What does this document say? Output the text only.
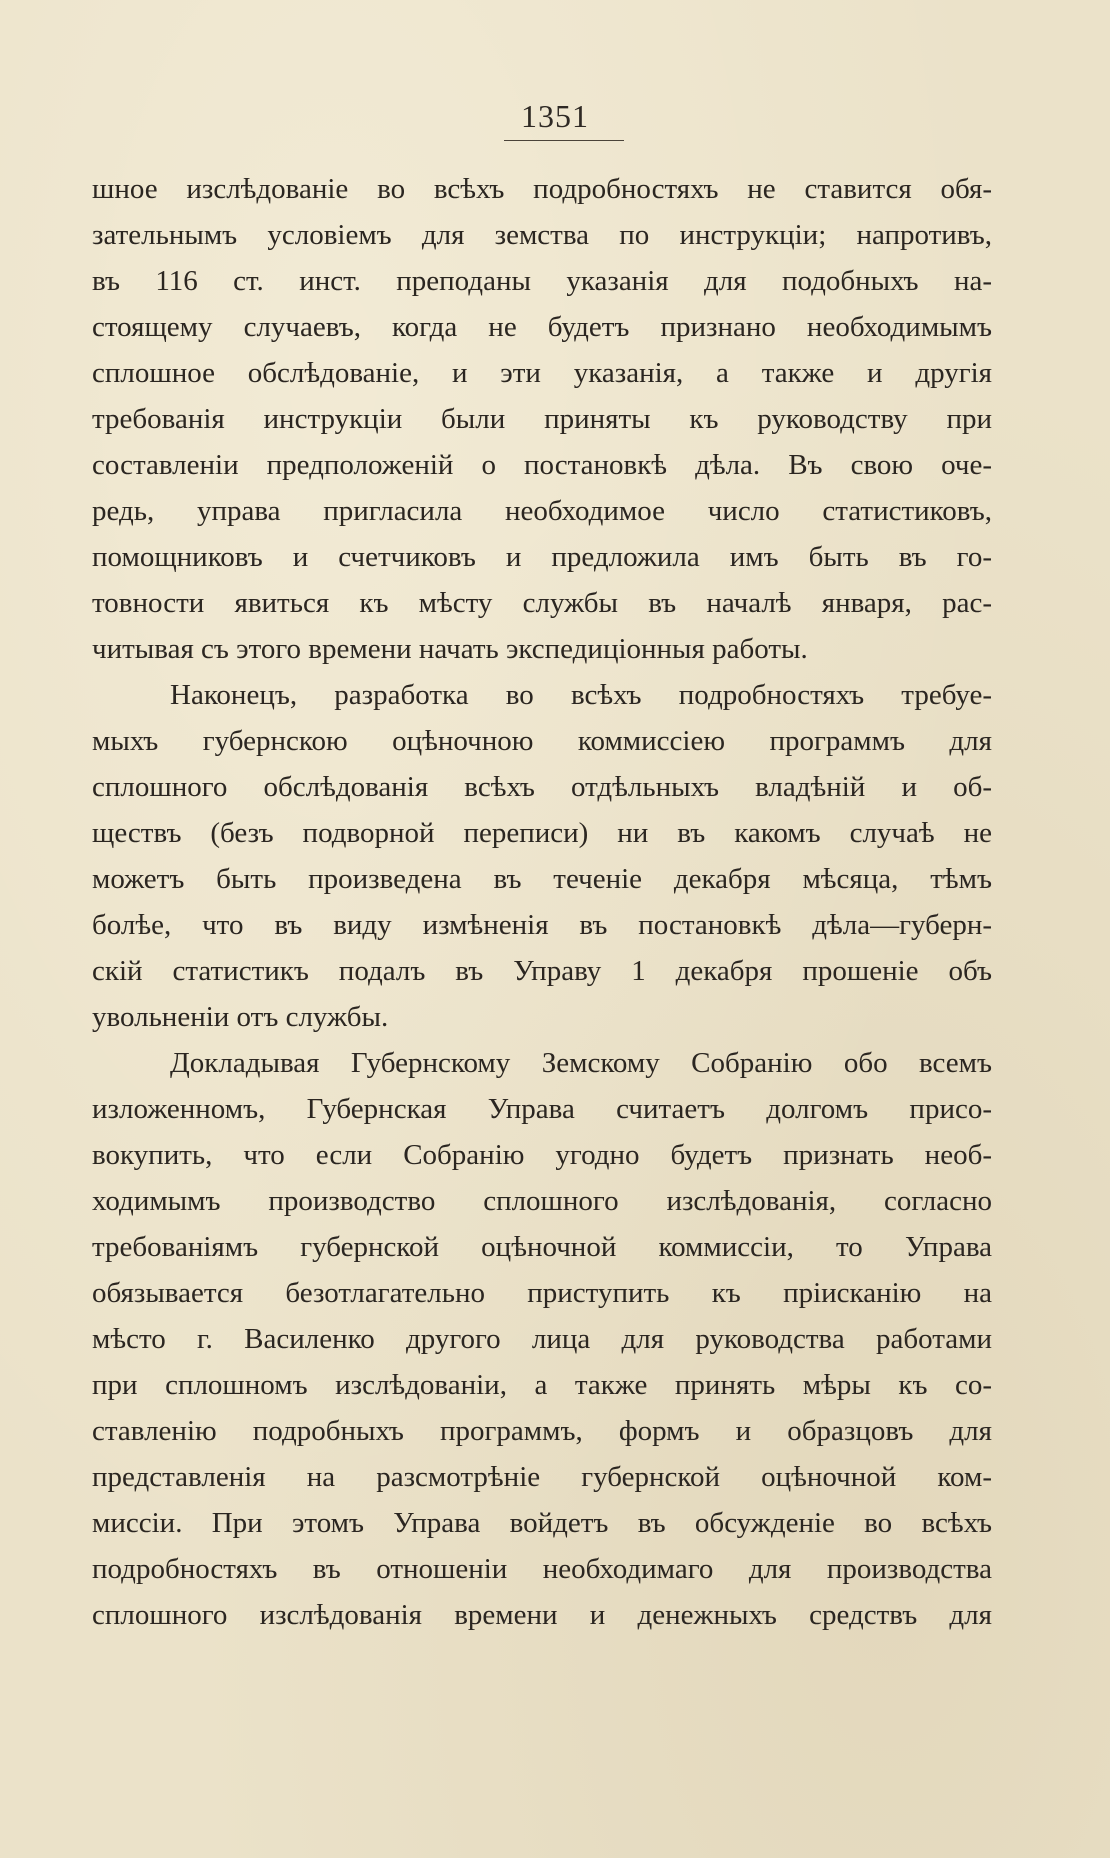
1351
шное изслѣдованіе во всѣхъ подробностяхъ не ставится обя-
зательнымъ условіемъ для земства по инструкціи; напротивъ,
въ 116 ст. инст. преподаны указанія для подобныхъ на-
стоящему случаевъ, когда не будетъ признано необходимымъ
сплошное обслѣдованіе, и эти указанія, а также и другія
требованія инструкціи были приняты къ руководству при
составленіи предположеній о постановкѣ дѣла. Въ свою оче-
редь, управа пригласила необходимое число статистиковъ,
помощниковъ и счетчиковъ и предложила имъ быть въ го-
товности явиться къ мѣсту службы въ началѣ января, рас-
читывая съ этого времени начать экспедиціонныя работы.
Наконецъ, разработка во всѣхъ подробностяхъ требуе-
мыхъ губернскою оцѣночною коммиссіею программъ для
сплошного обслѣдованія всѣхъ отдѣльныхъ владѣній и об-
ществъ (безъ подворной переписи) ни въ какомъ случаѣ не
можетъ быть произведена въ теченіе декабря мѣсяца, тѣмъ
болѣе, что въ виду измѣненія въ постановкѣ дѣла—губерн-
скій статистикъ подалъ въ Управу 1 декабря прошеніе объ
увольненіи отъ службы.
Докладывая Губернскому Земскому Собранію обо всемъ
изложенномъ, Губернская Управа считаетъ долгомъ присо-
вокупить, что если Собранію угодно будетъ признать необ-
ходимымъ производство сплошного изслѣдованія, согласно
требованіямъ губернской оцѣночной коммиссіи, то Управа
обязывается безотлагательно приступить къ пріисканію на
мѣсто г. Василенко другого лица для руководства работами
при сплошномъ изслѣдованіи, а также принять мѣры къ со-
ставленію подробныхъ программъ, формъ и образцовъ для
представленія на разсмотрѣніе губернской оцѣночной ком-
миссіи. При этомъ Управа войдетъ въ обсужденіе во всѣхъ
подробностяхъ въ отношеніи необходимаго для производства
сплошного изслѣдованія времени и денежныхъ средствъ для
